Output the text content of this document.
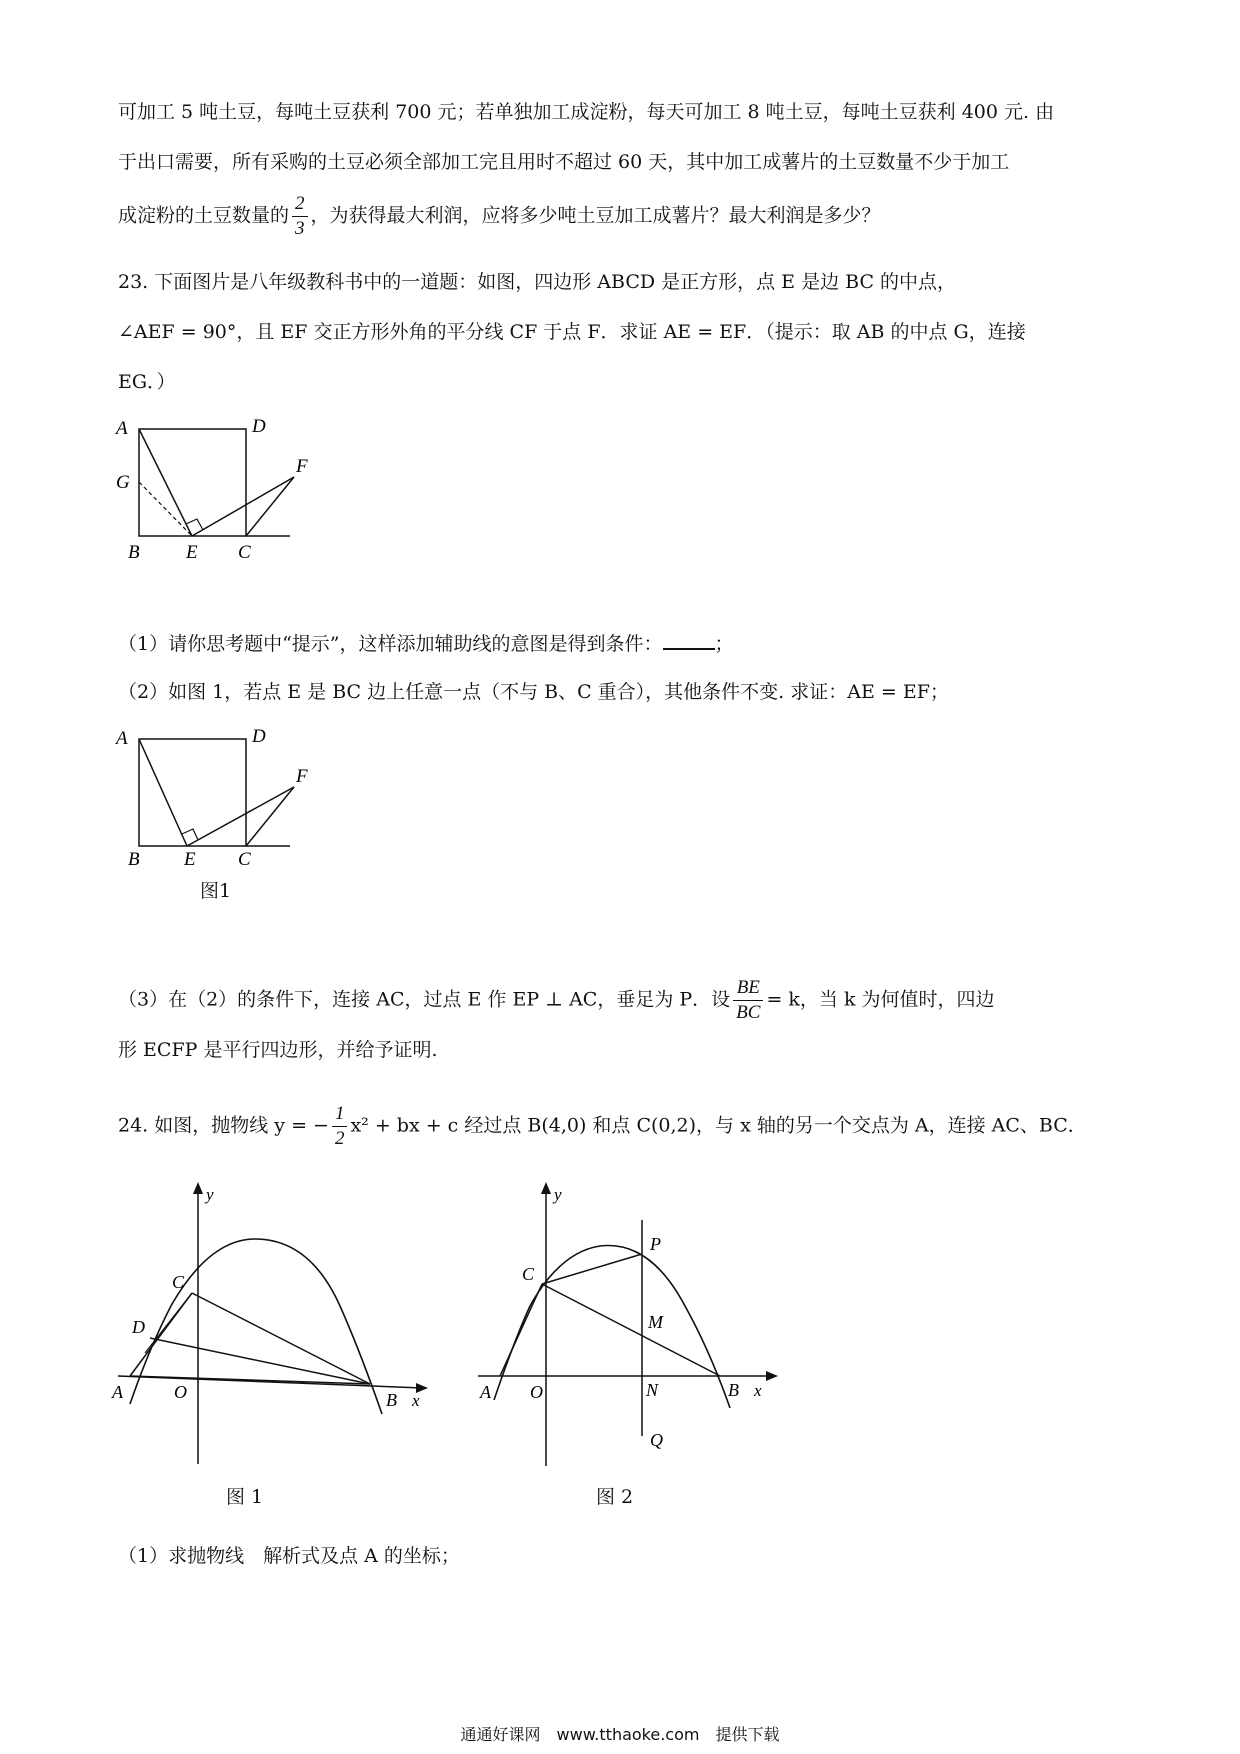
可加工 5 吨土豆，每吨土豆获利 700 元；若单独加工成淀粉，每天可加工 8 吨土豆，每吨土豆获利 400 元. 由
于出口需要，所有采购的土豆必须全部加工完且用时不超过 60 天，其中加工成薯片的土豆数量不少于加工
成淀粉的土豆数量的 $\frac{2}{3}$ ，为获得最大利润，应将多少吨土豆加工成薯片？最大利润是多少？
23. 下面图片是八年级教科书中的一道题：如图，四边形 ABCD 是正方形，点 E 是边 BC 的中点，
∠AEF = 90°，且 EF 交正方形外角的平分线 CF 于点 F．求证 AE = EF．（提示：取 AB 的中点 G，连接
EG．）
A	D
G
F
B E C
（1）请你思考题中“提示”，这样添加辅助线的意图是得到条件：	；
（2）如图 1，若点 E 是 BC 边上任意一点（不与 B、C 重合），其他条件不变. 求证：AE = EF；
A	D
F
B E C
图1
（3）在（2）的条件下，连接 AC，过点 E 作 EP ⊥ AC，垂足为 P．设 $\frac{BE}{BC} = k$，当 k 为何值时，四边
形 ECFP 是平行四边形，并给予证明.
24. 如图，抛物线 y = − $\frac{1}{2} x^2$ + bx + c 经过点 B(4,0) 和点 C(0,2)，与 x 轴的另一个交点为 A，连接 AC、BC．
y
C
D
A	O	B x
图 1
y
C
P
M
A O	N	B x
Q
图 2
（1）求抛物线　解析式及点 A 的坐标；
通通好课网　www.tthaoke.com　提供下载
